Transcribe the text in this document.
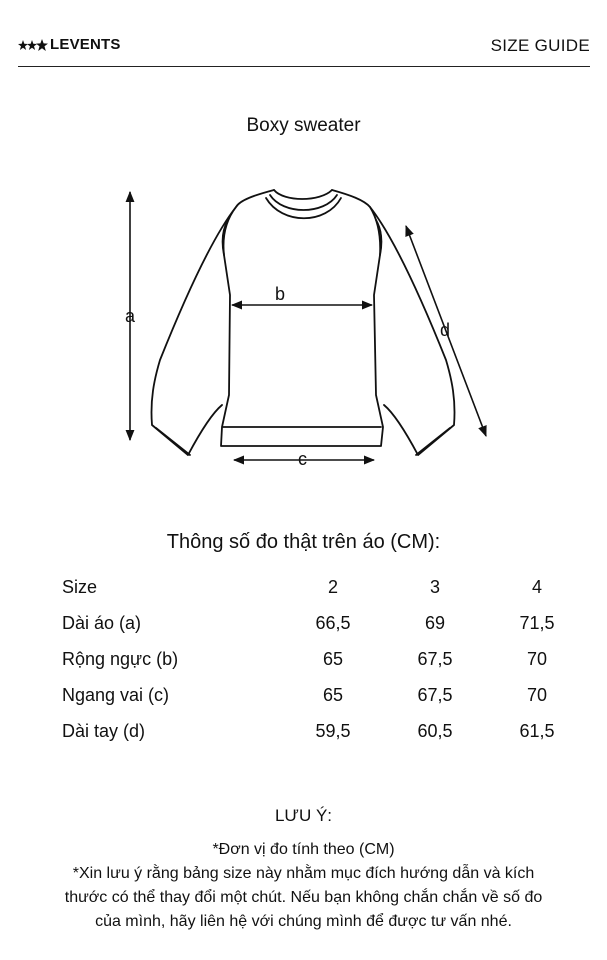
LEVENTS	SIZE GUIDE
Boxy sweater
a
b
c
d
Thông số đo thật trên áo (CM):
Size	2	3	4
Dài áo (a)	66,5	69	71,5
Rộng ngực (b)	65	67,5	70
Ngang vai (c)	65	67,5	70
Dài tay (d)	59,5	60,5	61,5
LƯU Ý:
*Đơn vị đo tính theo (CM)
*Xin lưu ý rằng bảng size này nhằm mục đích hướng dẫn và kích
thước có thể thay đổi một chút. Nếu bạn không chắn chắn về số đo
của mình, hãy liên hệ với chúng mình để được tư vấn nhé.
